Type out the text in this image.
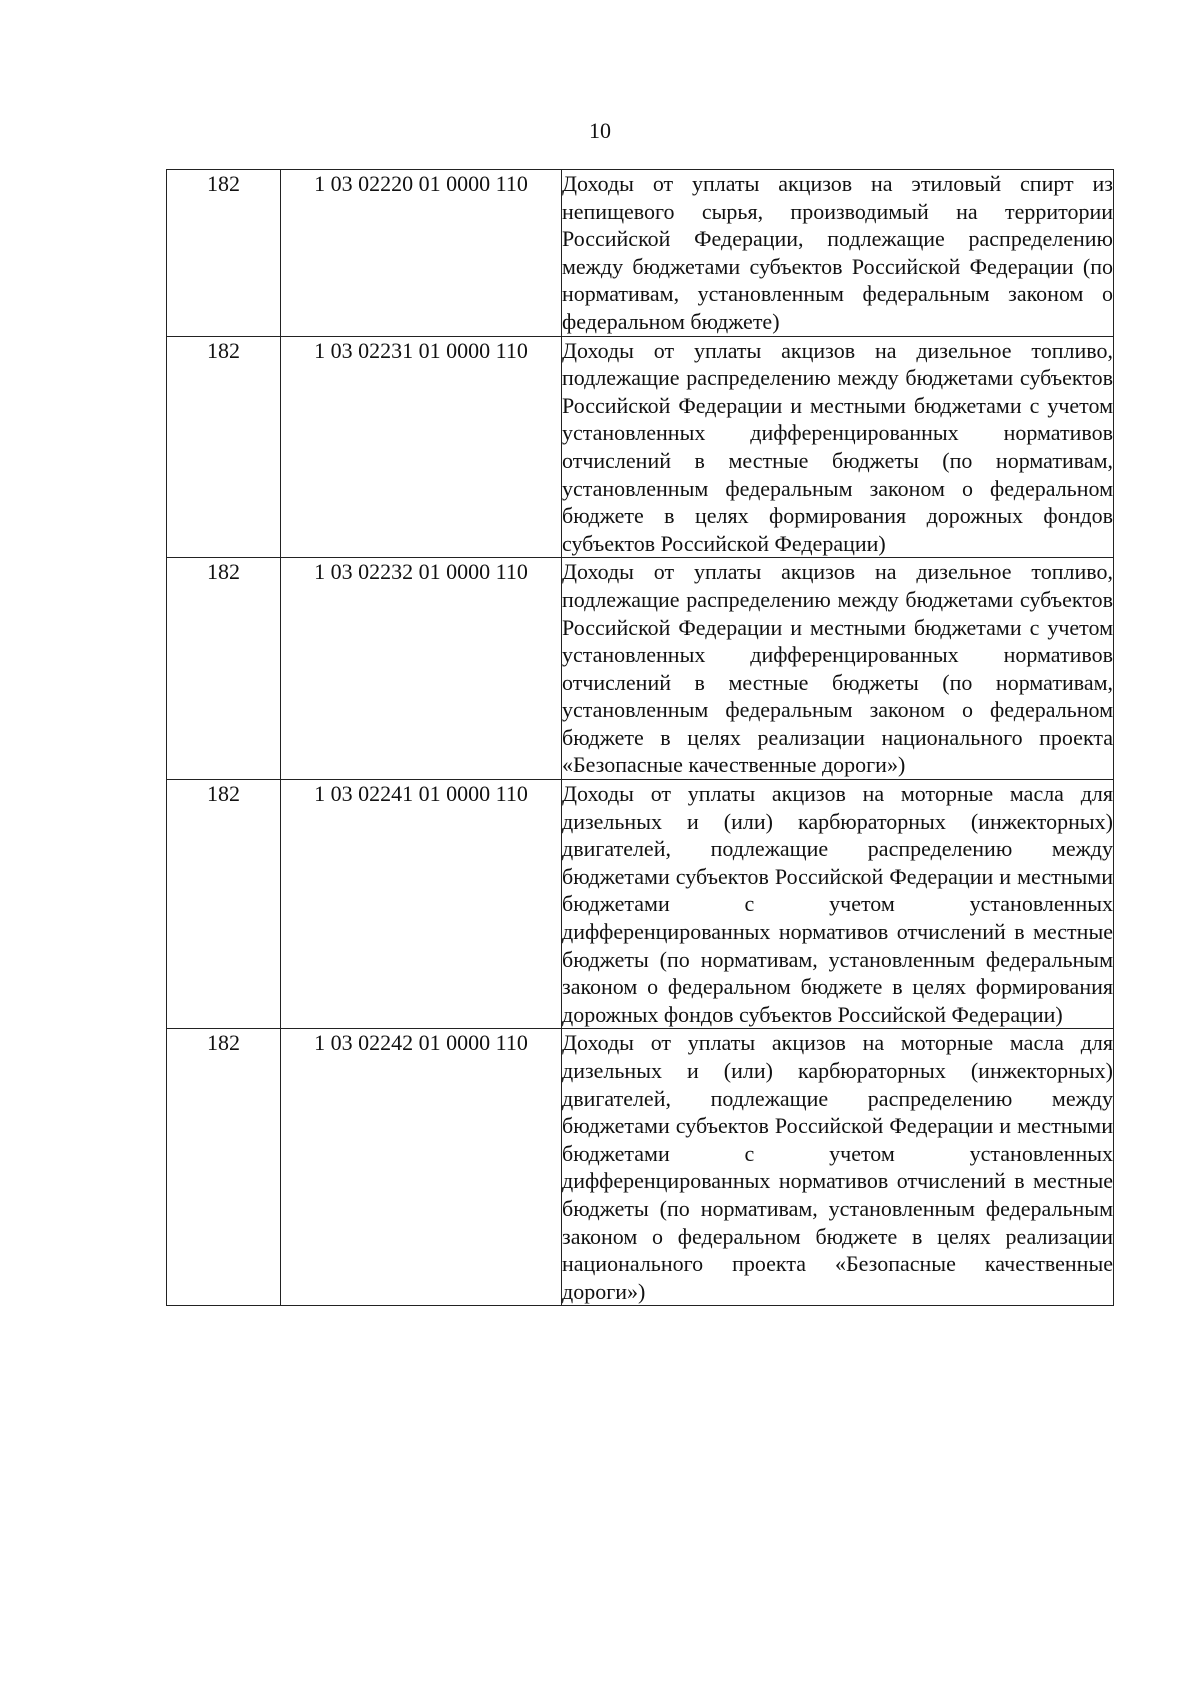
10
182	1 03 02220 01 0000 110	Доходы от уплаты акцизов на этиловый спирт из непищевого сырья, производимый на территории Российской Федерации, подлежащие распределению между бюджетами субъектов Российской Федерации (по нормативам, установленным федеральным законом о федеральном бюджете)
182	1 03 02231 01 0000 110	Доходы от уплаты акцизов на дизельное топливо, подлежащие распределению между бюджетами субъектов Российской Федерации и местными бюджетами с учетом установленных дифференцированных нормативов отчислений в местные бюджеты (по нормативам, установленным федеральным законом о федеральном бюджете в целях формирования дорожных фондов субъектов Российской Федерации)
182	1 03 02232 01 0000 110	Доходы от уплаты акцизов на дизельное топливо, подлежащие распределению между бюджетами субъектов Российской Федерации и местными бюджетами с учетом установленных дифференцированных нормативов отчислений в местные бюджеты (по нормативам, установленным федеральным законом о федеральном бюджете в целях реализации национального проекта «Безопасные качественные дороги»)
182	1 03 02241 01 0000 110	Доходы от уплаты акцизов на моторные масла для дизельных и (или) карбюраторных (инжекторных) двигателей, подлежащие распределению между бюджетами субъектов Российской Федерации и местными бюджетами с учетом установленных дифференцированных нормативов отчислений в местные бюджеты (по нормативам, установленным федеральным законом о федеральном бюджете в целях формирования дорожных фондов субъектов Российской Федерации)
182	1 03 02242 01 0000 110	Доходы от уплаты акцизов на моторные масла для дизельных и (или) карбюраторных (инжекторных) двигателей, подлежащие распределению между бюджетами субъектов Российской Федерации и местными бюджетами с учетом установленных дифференцированных нормативов отчислений в местные бюджеты (по нормативам, установленным федеральным законом о федеральном бюджете в целях реализации национального проекта «Безопасные качественные дороги»)
